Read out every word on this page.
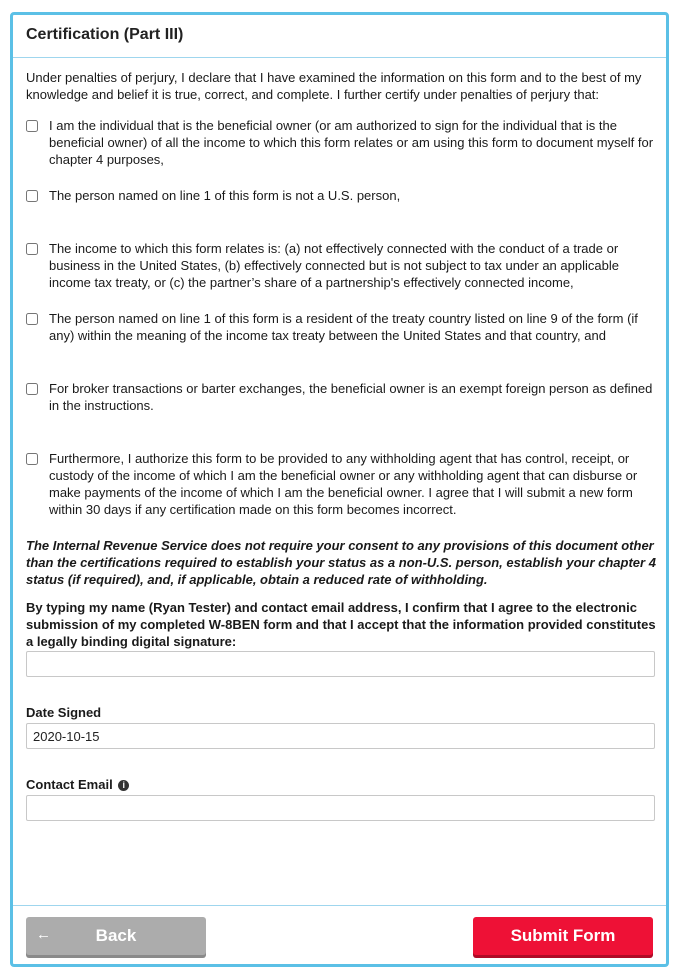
Certification (Part III)

Under penalties of perjury, I declare that I have examined the information on this form and to the best of my knowledge and belief it is true, correct, and complete. I further certify under penalties of perjury that:

I am the individual that is the beneficial owner (or am authorized to sign for the individual that is the beneficial owner) of all the income to which this form relates or am using this form to document myself for chapter 4 purposes,
The person named on line 1 of this form is not a U.S. person,
The income to which this form relates is: (a) not effectively connected with the conduct of a trade or business in the United States, (b) effectively connected but is not subject to tax under an applicable income tax treaty, or (c) the partner’s share of a partnership's effectively connected income,
The person named on line 1 of this form is a resident of the treaty country listed on line 9 of the form (if any) within the meaning of the income tax treaty between the United States and that country, and
For broker transactions or barter exchanges, the beneficial owner is an exempt foreign person as defined in the instructions.
Furthermore, I authorize this form to be provided to any withholding agent that has control, receipt, or custody of the income of which I am the beneficial owner or any withholding agent that can disburse or make payments of the income of which I am the beneficial owner. I agree that I will submit a new form within 30 days if any certification made on this form becomes incorrect.

The Internal Revenue Service does not require your consent to any provisions of this document other than the certifications required to establish your status as a non-U.S. person, establish your chapter 4 status (if required), and, if applicable, obtain a reduced rate of withholding.

By typing my name (Ryan Tester) and contact email address, I confirm that I agree to the electronic submission of my completed W-8BEN form and that I accept that the information provided constitutes a legally binding digital signature:

Date Signed
2020-10-15
Contact Email i
←	Back	Submit Form
